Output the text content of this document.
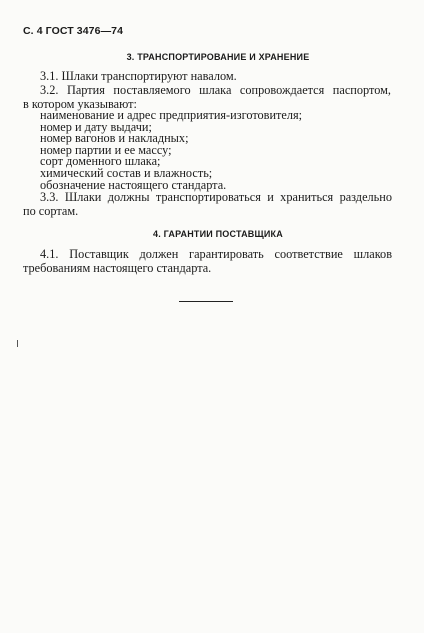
С. 4 ГОСТ 3476—74
3. ТРАНСПОРТИРОВАНИЕ И ХРАНЕНИЕ
3.1. Шлаки транспортируют навалом.
3.2. Партия поставляемого шлака сопровождается паспортом,
в котором указывают:
наименование и адрес предприятия-изготовителя;
номер и дату выдачи;
номер вагонов и накладных;
номер партии и ее массу;
сорт доменного шлака;
химический состав и влажность;
обозначение настоящего стандарта.
3.3. Шлаки должны транспортироваться и храниться раздельно
по сортам.
4. ГАРАНТИИ ПОСТАВЩИКА
4.1. Поставщик должен гарантировать соответствие шлаков
требованиям настоящего стандарта.
